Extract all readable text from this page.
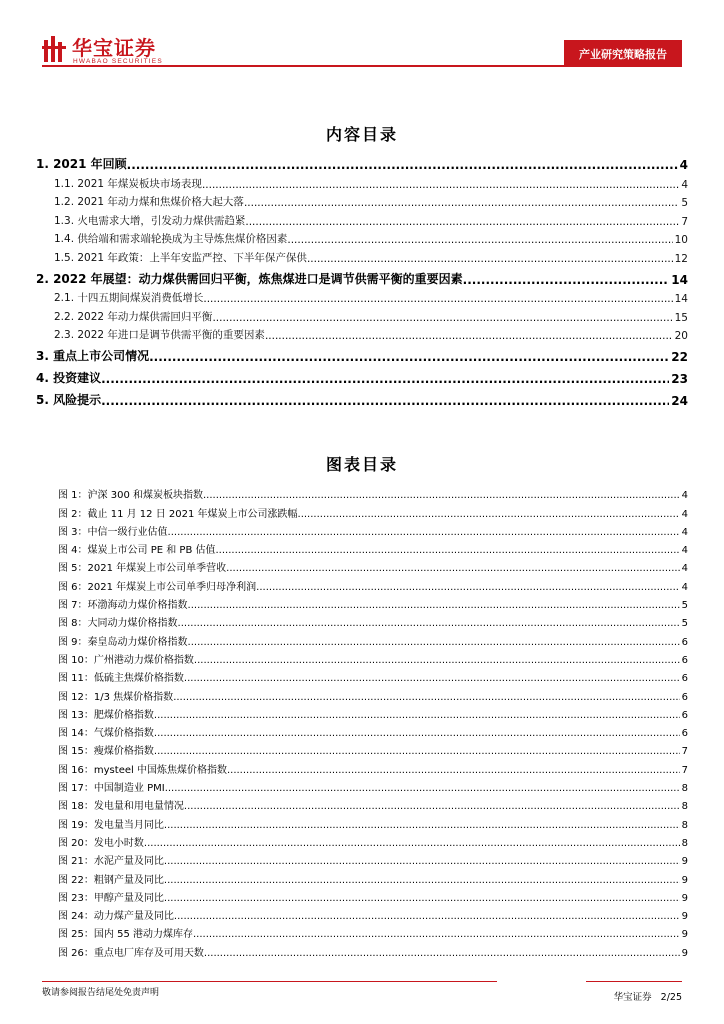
华宝证券
HWABAO SECURITIES
产业研究策略报告
内容目录
1. 2021 年回顾 .....	4
1.1. 2021 年煤炭板块市场表现 .....	4
1.2. 2021 年动力煤和焦煤价格大起大落 .....	5
1.3. 火电需求大增，引发动力煤供需趋紧 .....	7
1.4. 供给端和需求端轮换成为主导炼焦煤价格因素 .....	10
1.5. 2021 年政策：上半年安监严控、下半年保产保供 .....	12
2. 2022 年展望：动力煤供需回归平衡，炼焦煤进口是调节供需平衡的重要因素 .....	14
2.1. 十四五期间煤炭消费低增长 .....	14
2.2. 2022 年动力煤供需回归平衡 .....	15
2.3. 2022 年进口是调节供需平衡的重要因素 .....	20
3. 重点上市公司情况 .....	22
4. 投资建议 .....	23
5. 风险提示 .....	24
图表目录
图 1：沪深 300 和煤炭板块指数 .....	4
图 2：截止 11 月 12 日 2021 年煤炭上市公司涨跌幅 .....	4
图 3：中信一级行业估值 .....	4
图 4：煤炭上市公司 PE 和 PB 估值 .....	4
图 5：2021 年煤炭上市公司单季营收 .....	4
图 6：2021 年煤炭上市公司单季归母净利润 .....	4
图 7：环渤海动力煤价格指数 .....	5
图 8：大同动力煤价格指数 .....	5
图 9：秦皇岛动力煤价格指数 .....	6
图 10：广州港动力煤价格指数 .....	6
图 11：低硫主焦煤价格指数 .....	6
图 12：1/3 焦煤价格指数 .....	6
图 13：肥煤价格指数 .....	6
图 14：气煤价格指数 .....	6
图 15：瘦煤价格指数 .....	7
图 16：mysteel 中国炼焦煤价格指数 .....	7
图 17：中国制造业 PMI .....	8
图 18：发电量和用电量情况 .....	8
图 19：发电量当月同比 .....	8
图 20：发电小时数 .....	8
图 21：水泥产量及同比 .....	9
图 22：粗钢产量及同比 .....	9
图 23：甲醇产量及同比 .....	9
图 24：动力煤产量及同比 .....	9
图 25：国内 55 港动力煤库存 .....	9
图 26：重点电厂库存及可用天数 .....	9
敬请参阅报告结尾处免责声明	华宝证券 2/25
